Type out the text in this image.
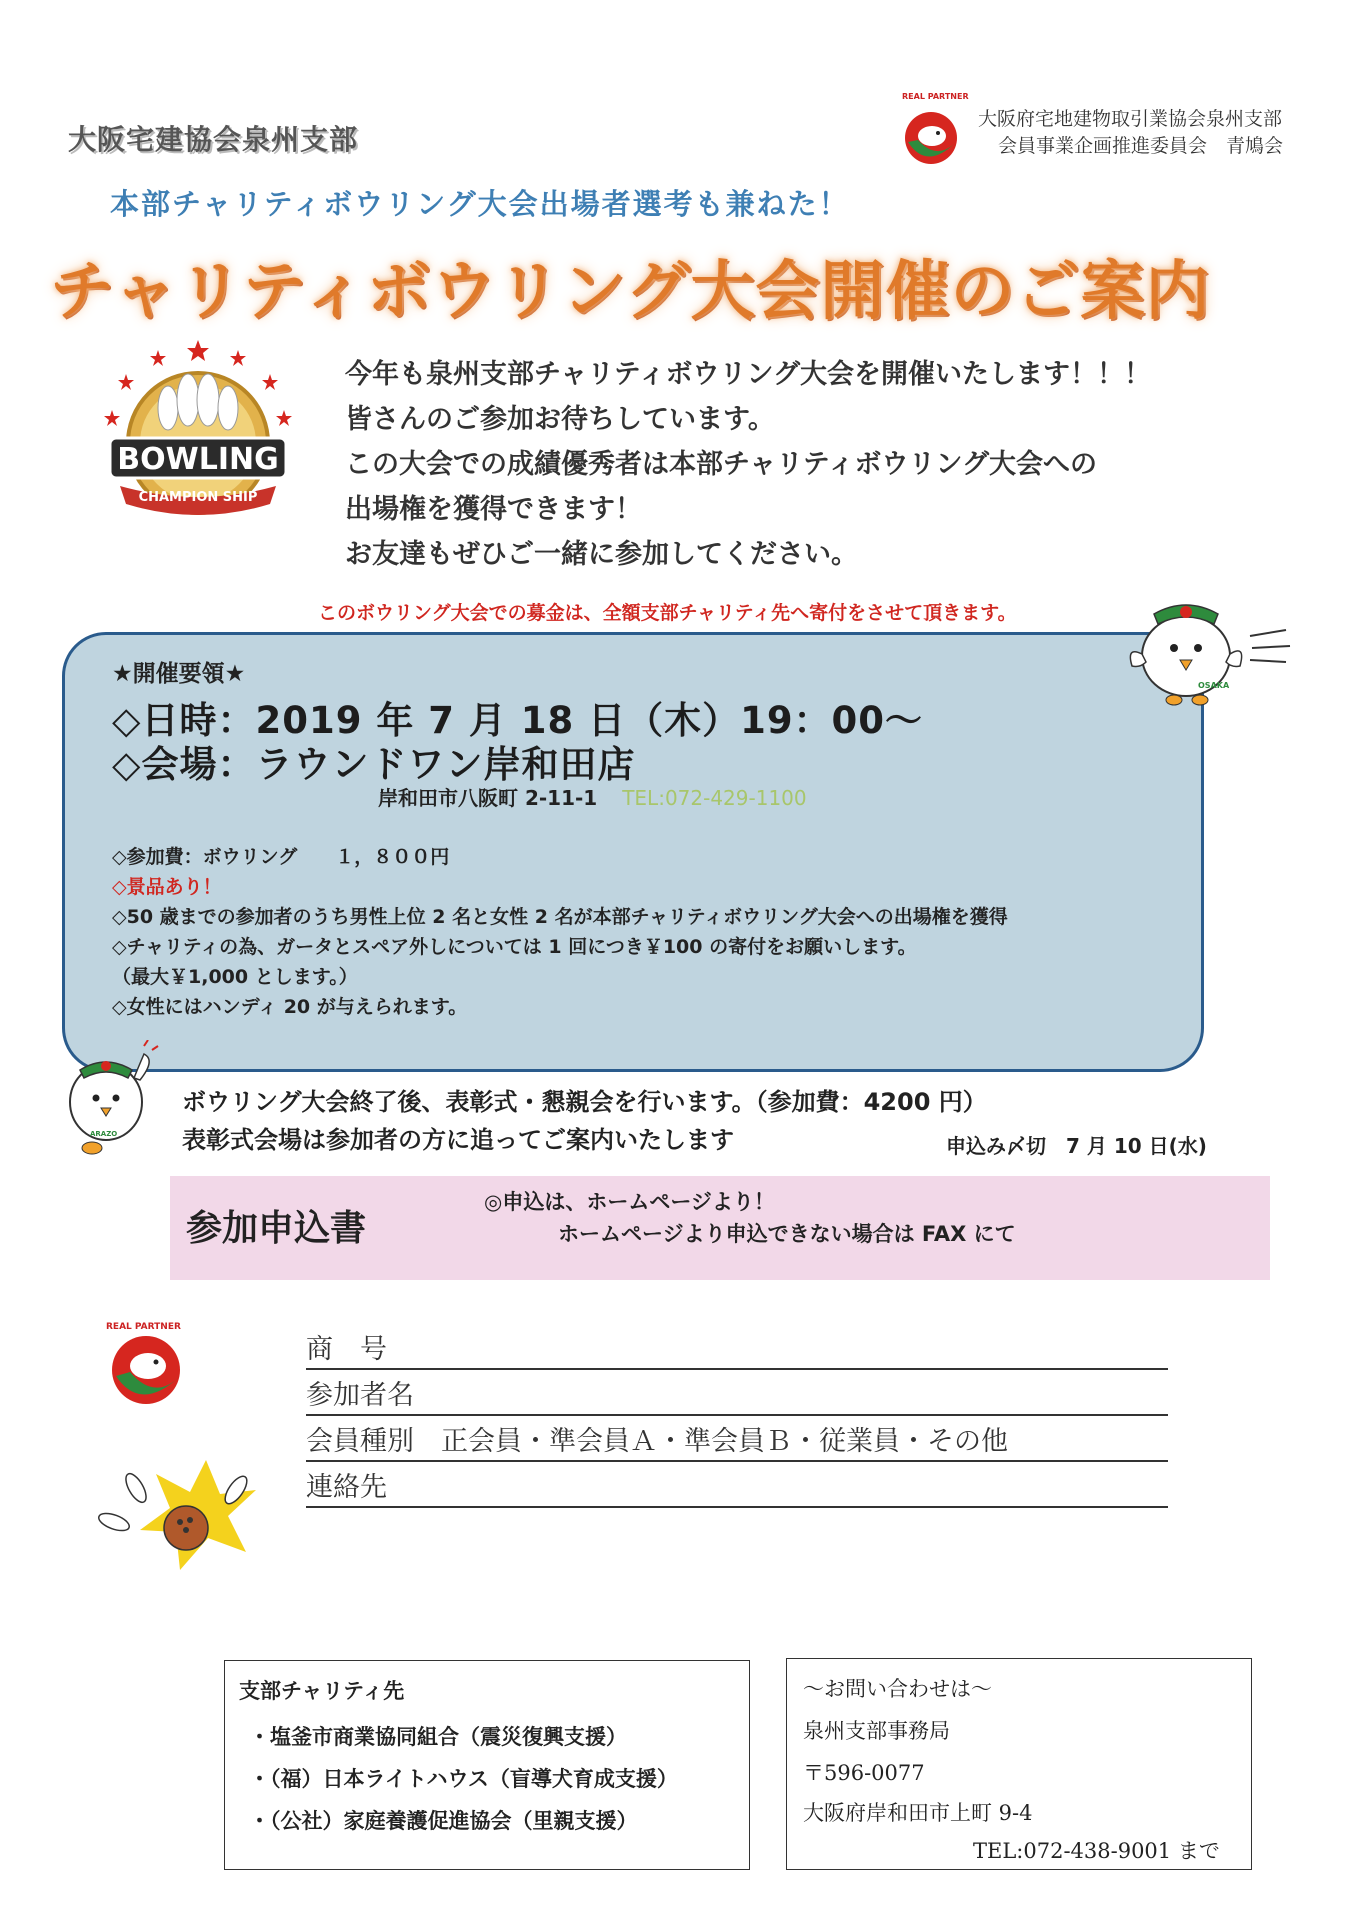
大阪宅建協会泉州支部
REAL PARTNER
大阪府宅地建物取引業協会泉州支部
会員事業企画推進委員会　青鳩会
本部チャリティボウリング大会出場者選考も兼ねた！
チャリティボウリング大会開催のご案内
BOWLING
CHAMPION SHIP
今年も泉州支部チャリティボウリング大会を開催いたします！！！
皆さんのご参加お待ちしています。
この大会での成績優秀者は本部チャリティボウリング大会への
出場権を獲得できます！
お友達もぜひご一緒に参加してください。
このボウリング大会での募金は、全額支部チャリティ先へ寄付をさせて頂きます。
★開催要領★
◇日時：2019 年 7 月 18 日（木）19：00～
◇会場：ラウンドワン岸和田店
岸和田市八阪町 2-11-1 TEL:072-429-1100
◇参加費：ボウリング　　１，８００円
◇景品あり！
◇50 歳までの参加者のうち男性上位 2 名と女性 2 名が本部チャリティボウリング大会への出場権を獲得
◇チャリティの為、ガータとスペア外しについては 1 回につき￥100 の寄付をお願いします。
（最大￥1,000 とします。）
◇女性にはハンディ 20 が与えられます。
OSAKA
ARAZO
ボウリング大会終了後、表彰式・懇親会を行います。（参加費：4200 円）
表彰式会場は参加者の方に追ってご案内いたします	申込み〆切　7 月 10 日(水)
参加申込書
◎申込は、ホームページより！
ホームページより申込できない場合は FAX にて
REAL PARTNER
商　号
参加者名
会員種別　正会員・準会員Ａ・準会員Ｂ・従業員・その他
連絡先
支部チャリティ先
・塩釜市商業協同組合（震災復興支援）
・（福）日本ライトハウス（盲導犬育成支援）
・（公社）家庭養護促進協会（里親支援）
～お問い合わせは～
泉州支部事務局
〒596-0077
大阪府岸和田市上町 9-4
TEL:072-438-9001 まで
